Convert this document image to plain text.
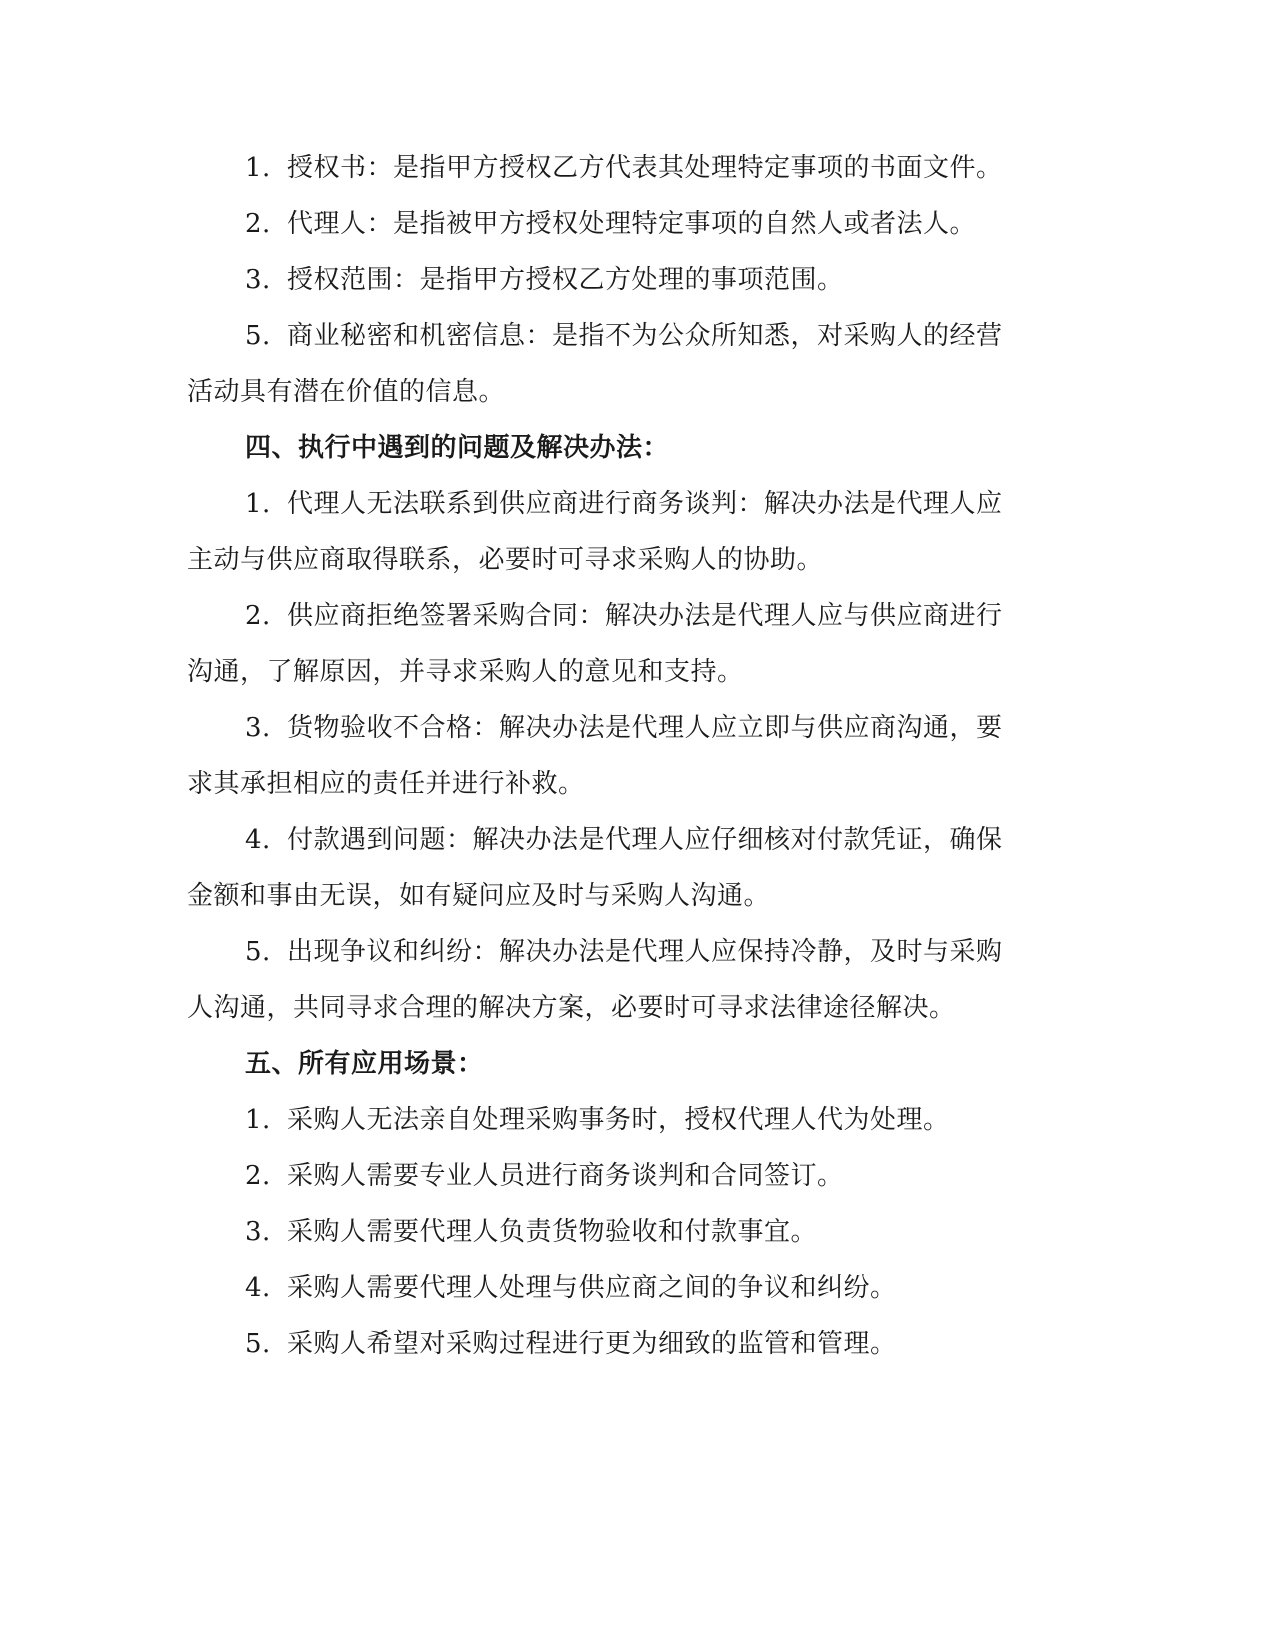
1. 授权书：是指甲方授权乙方代表其处理特定事项的书面文件。
2. 代理人：是指被甲方授权处理特定事项的自然人或者法人。
3. 授权范围：是指甲方授权乙方处理的事项范围。
5. 商业秘密和机密信息：是指不为公众所知悉，对采购人的经营
活动具有潜在价值的信息。
四、执行中遇到的问题及解决办法：
1. 代理人无法联系到供应商进行商务谈判：解决办法是代理人应
主动与供应商取得联系，必要时可寻求采购人的协助。
2. 供应商拒绝签署采购合同：解决办法是代理人应与供应商进行
沟通，了解原因，并寻求采购人的意见和支持。
3. 货物验收不合格：解决办法是代理人应立即与供应商沟通，要
求其承担相应的责任并进行补救。
4. 付款遇到问题：解决办法是代理人应仔细核对付款凭证，确保
金额和事由无误，如有疑问应及时与采购人沟通。
5. 出现争议和纠纷：解决办法是代理人应保持冷静，及时与采购
人沟通，共同寻求合理的解决方案，必要时可寻求法律途径解决。
五、所有应用场景：
1. 采购人无法亲自处理采购事务时，授权代理人代为处理。
2. 采购人需要专业人员进行商务谈判和合同签订。
3. 采购人需要代理人负责货物验收和付款事宜。
4. 采购人需要代理人处理与供应商之间的争议和纠纷。
5. 采购人希望对采购过程进行更为细致的监管和管理。
